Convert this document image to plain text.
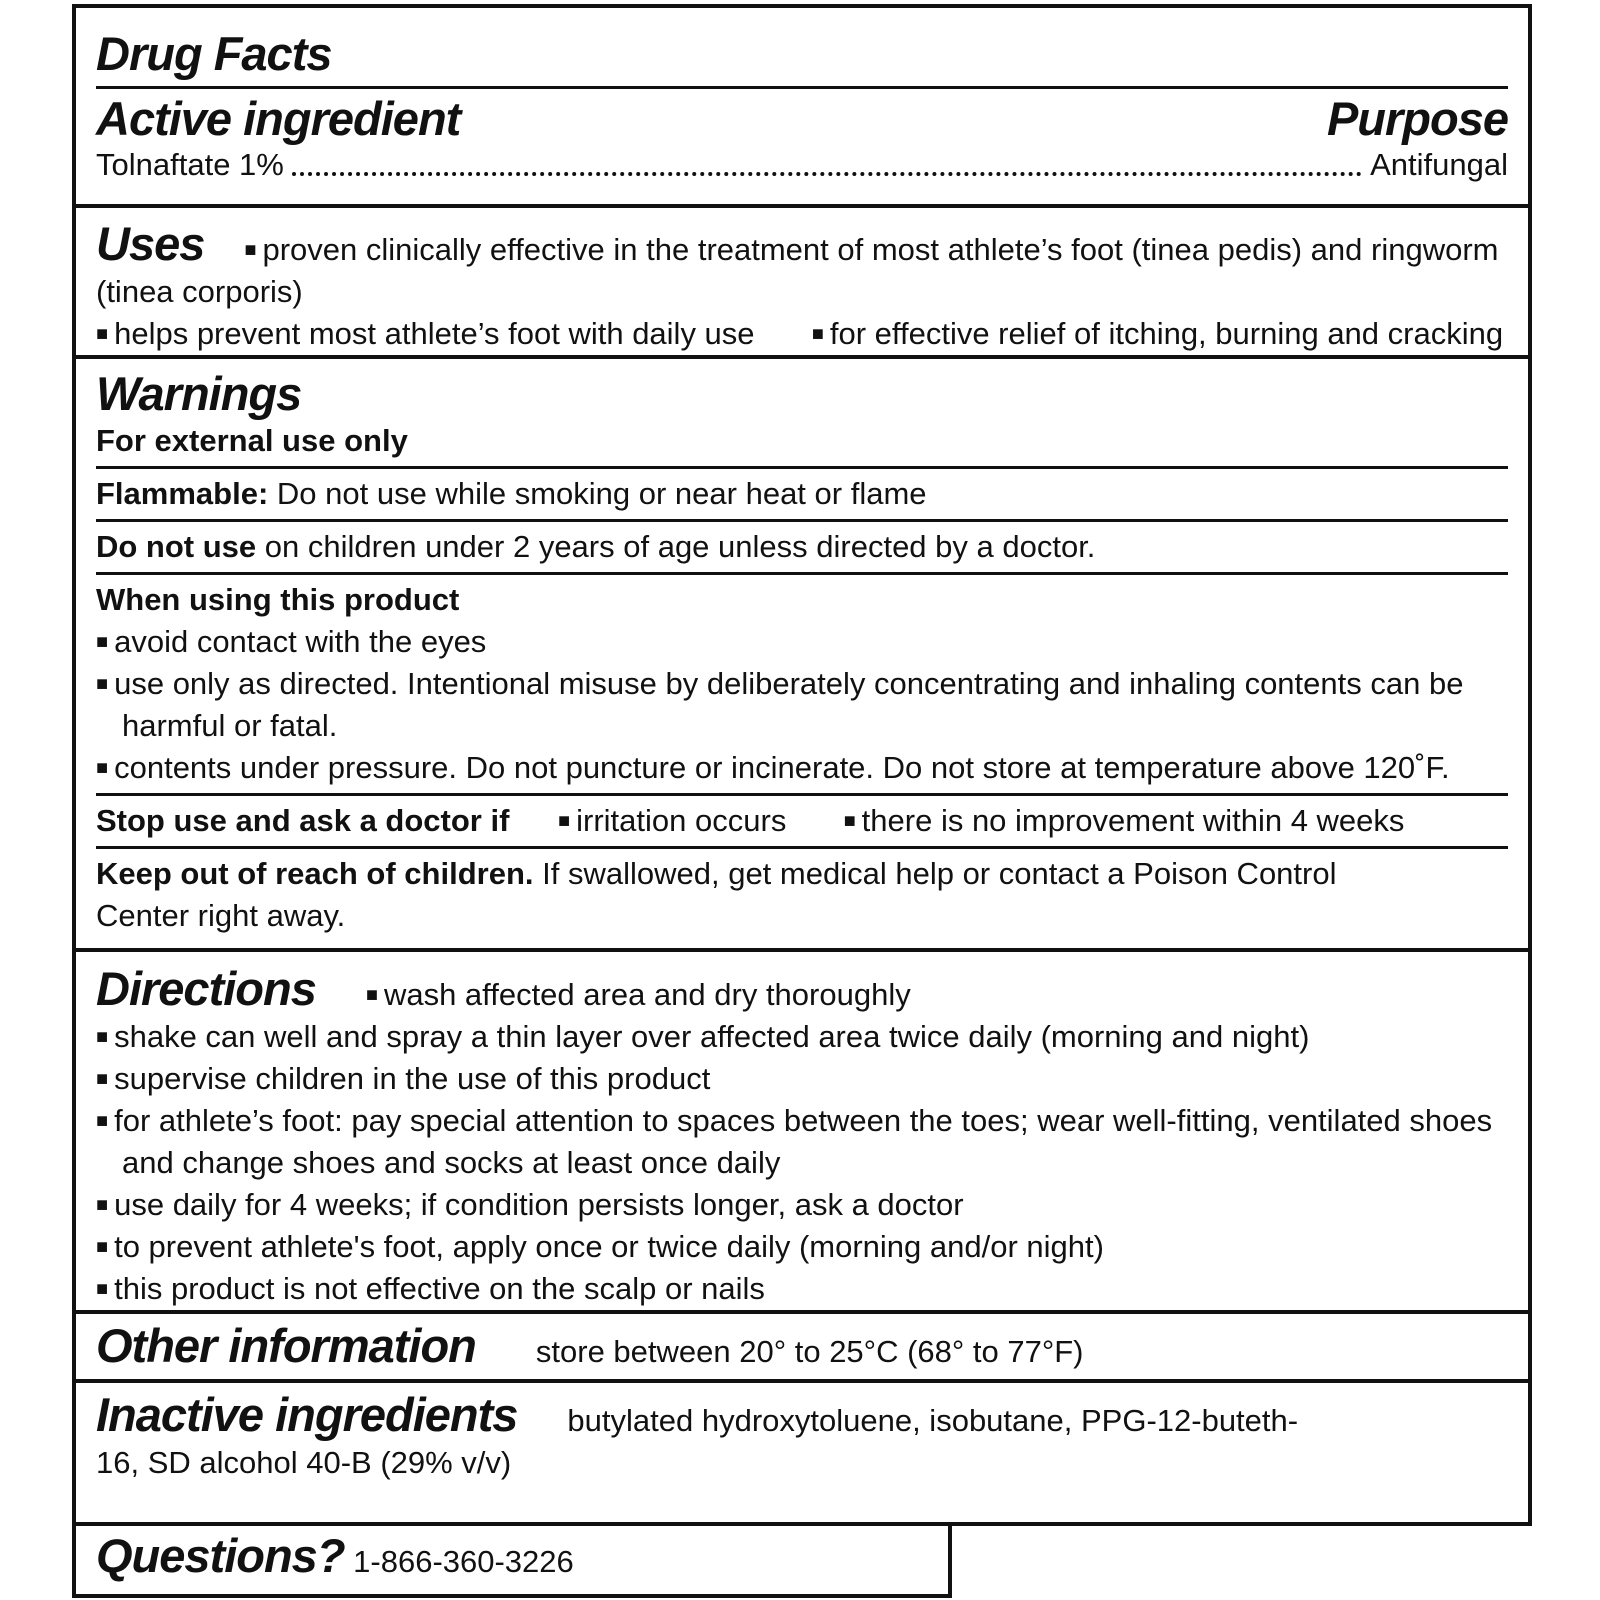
Drug Facts
Active ingredient	Purpose
Tolnaftate 1%	Antifungal
Uses ■ proven clinically effective in the treatment of most athlete’s foot (tinea pedis) and ringworm (tinea corporis)
■ helps prevent most athlete’s foot with daily use ■ for effective relief of itching, burning and cracking
Warnings
For external use only
Flammable: Do not use while smoking or near heat or flame
Do not use on children under 2 years of age unless directed by a doctor.
When using this product
■ avoid contact with the eyes
■ use only as directed. Intentional misuse by deliberately concentrating and inhaling contents can be harmful or fatal.
■ contents under pressure. Do not puncture or incinerate. Do not store at temperature above 120˚F.
Stop use and ask a doctor if ■ irritation occurs ■ there is no improvement within 4 weeks
Keep out of reach of children. If swallowed, get medical help or contact a Poison Control Center right away.
Directions ■ wash affected area and dry thoroughly
■ shake can well and spray a thin layer over affected area twice daily (morning and night)
■ supervise children in the use of this product
■ for athlete’s foot: pay special attention to spaces between the toes; wear well-fitting, ventilated shoes and change shoes and socks at least once daily
■ use daily for 4 weeks; if condition persists longer, ask a doctor
■ to prevent athlete's foot, apply once or twice daily (morning and/or night)
■ this product is not effective on the scalp or nails
Other information store between 20° to 25°C (68° to 77°F)
Inactive ingredients butylated hydroxytoluene, isobutane, PPG-12-buteth-16, SD alcohol 40-B (29% v/v)
Questions? 1-866-360-3226
